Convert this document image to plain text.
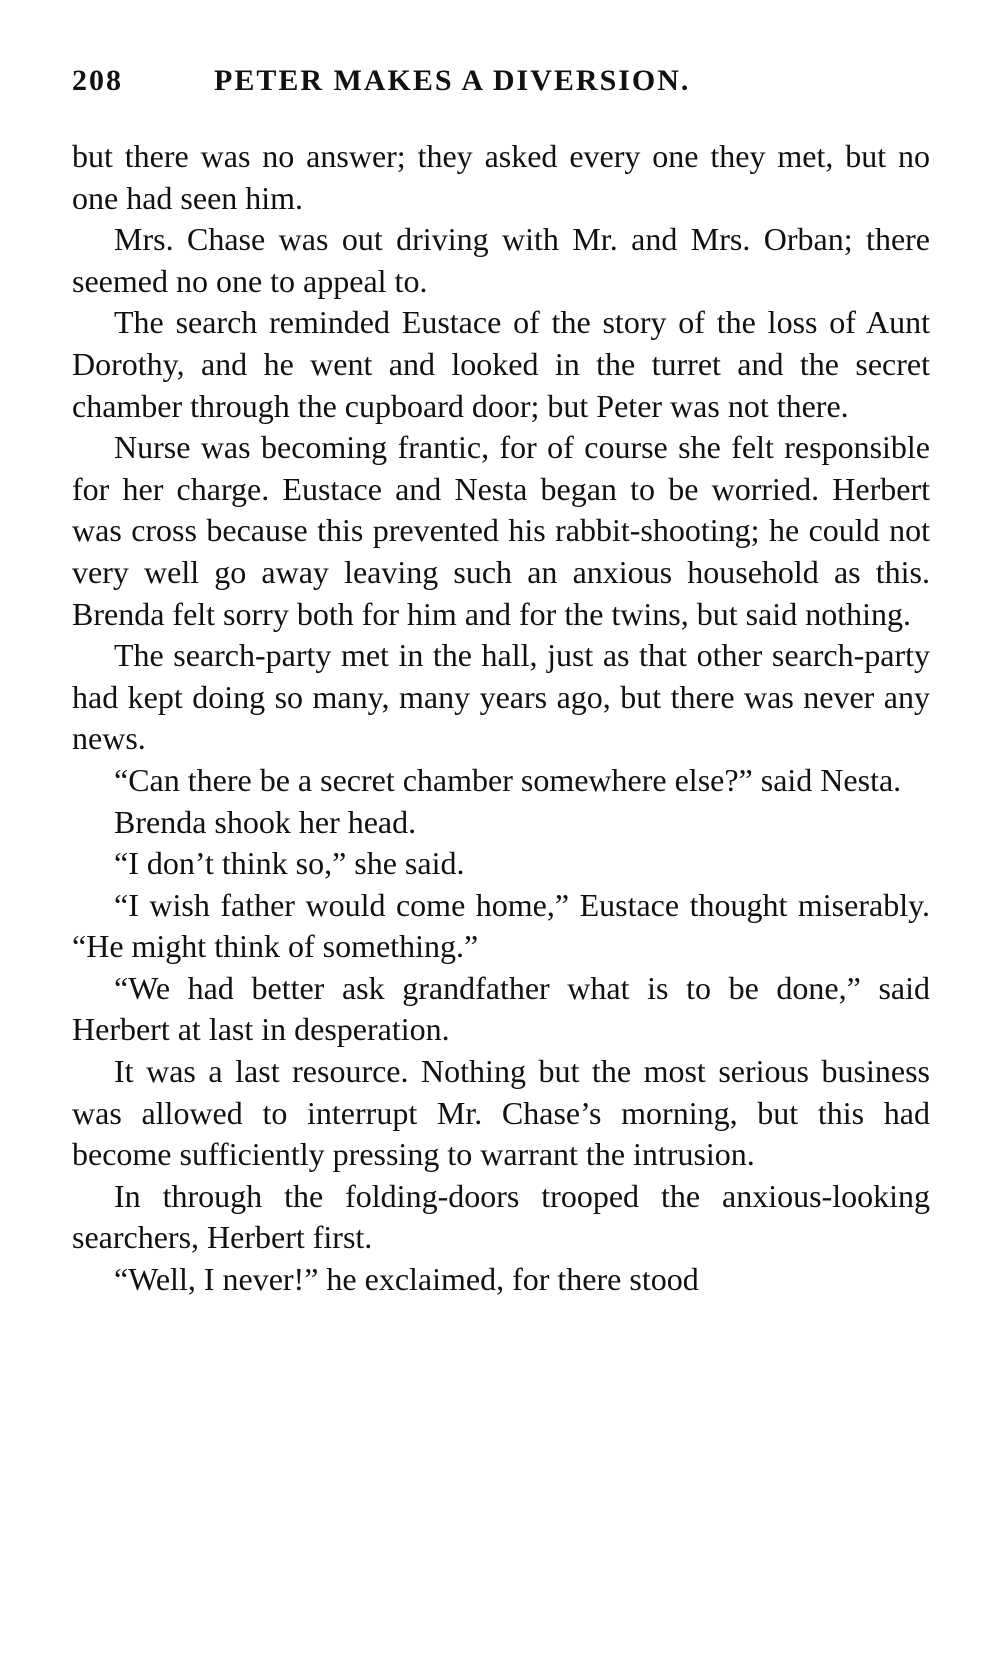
208	PETER MAKES A DIVERSION.

but there was no answer; they asked every one they met, but no one had seen him.

Mrs. Chase was out driving with Mr. and Mrs. Orban; there seemed no one to appeal to.

The search reminded Eustace of the story of the loss of Aunt Dorothy, and he went and looked in the turret and the secret chamber through the cupboard door; but Peter was not there.

Nurse was becoming frantic, for of course she felt responsible for her charge. Eustace and Nesta began to be worried. Herbert was cross because this prevented his rabbit-shooting; he could not very well go away leaving such an anxious household as this. Brenda felt sorry both for him and for the twins, but said nothing.

The search-party met in the hall, just as that other search-party had kept doing so many, many years ago, but there was never any news.

“Can there be a secret chamber somewhere else?” said Nesta.

Brenda shook her head.

“I don’t think so,” she said.

“I wish father would come home,” Eustace thought miserably. “He might think of something.”

“We had better ask grandfather what is to be done,” said Herbert at last in desperation.

It was a last resource. Nothing but the most serious business was allowed to interrupt Mr. Chase’s morning, but this had become sufficiently pressing to warrant the intrusion.

In through the folding-doors trooped the anxious-looking searchers, Herbert first.

“Well, I never!” he exclaimed, for there stood
